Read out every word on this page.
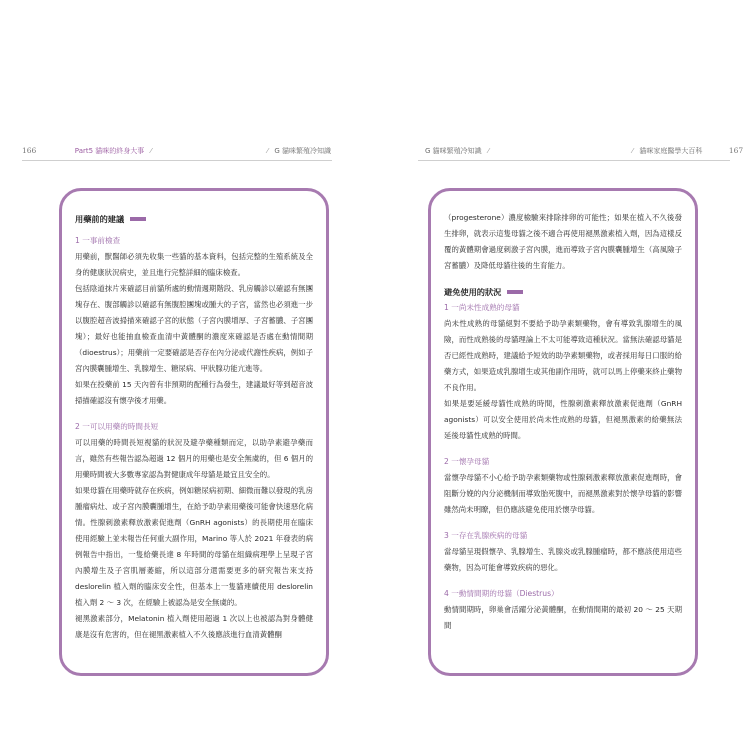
166	Part5 貓咪的終身大事 ⁄	⁄ G 貓咪繁殖冷知識	G 貓咪繁殖冷知識 ⁄	⁄ 貓咪家庭醫學大百科	167
用藥前的建議

1 一事前檢查

用藥前，獸醫師必須先收集一些貓的基本資料，包括完整的生殖系統及全身的健康狀況病史，並且進行完整詳細的臨床檢查。

包括陰道抹片來確認目前貓所處的動情週期階段、乳房觸診以確認有無團塊存在、腹部觸診以確認有無腹腔團塊或腫大的子宮，當然也必須進一步以腹腔超音波掃描來確認子宮的狀態（子宮內膜增厚、子宮蓄膿、子宮團塊）；最好也能抽血檢查血清中黃體酮的濃度來確認是否處在動情間期（dioestrus）；用藥前一定要確認是否存在內分泌或代謝性疾病，例如子宮內膜囊腫增生、乳腺增生、糖尿病、甲狀腺功能亢進等。

如果在投藥前 15 天內曾有非預期的配種行為發生，建議最好等到超音波掃描確認沒有懷孕後才用藥。

2 一可以用藥的時間長短

可以用藥的時間長短視貓的狀況及避孕藥種類而定，以助孕素避孕藥而言，雖然有些報告認為超過 12 個月的用藥也是安全無虞的，但 6 個月的用藥時間被大多數專家認為對健康成年母貓是最宜且安全的。

如果母貓在用藥時就存在疾病，例如糖尿病初期、細微而難以發現的乳房腫瘤病灶、或子宮內膜囊腫增生，在給予助孕素用藥後可能會快速惡化病情。性腺刺激素釋放激素促進劑（GnRH agonists）的長期使用在臨床使用經驗上並未報告任何重大副作用，Marino 等人於 2021 年發表的病例報告中指出，一隻給藥長達 8 年時間的母貓在組織病理學上呈現子宮內膜增生及子宮肌層萎縮，所以這部分還需要更多的研究報告來支持 deslorelin 植入劑的臨床安全性，但基本上一隻貓連續使用 deslorelin 植入劑 2 ～ 3 次，在經驗上被認為是安全無虞的。

褪黑激素部分，Melatonin 植入劑使用超過 1 次以上也被認為對身體健康是沒有危害的，但在褪黑激素植入不久後應該進行血清黃體酮

（progesterone）濃度檢驗來排除排卵的可能性；如果在植入不久後發生排卵，就表示這隻母貓之後不適合再使用褪黑激素植入劑，因為這樣反覆的黃體期會過度刺激子宮內膜，進而導致子宮內膜囊腫增生（高風險子宮蓄膿）及降低母貓往後的生育能力。

避免使用的狀況

1 一尚未性成熟的母貓

尚未性成熟的母貓絕對不要給予助孕素類藥物，會有導致乳腺增生的風險，而性成熟後的母貓理論上不太可能導致這種狀況。當無法確認母貓是否已經性成熟時，建議給予短效的助孕素類藥物，或者採用每日口服的給藥方式，如果造成乳腺增生或其他副作用時，就可以馬上停藥來終止藥物不良作用。

如果是要延緩母貓性成熟的時間，性腺刺激素釋放激素促進劑（GnRH agonists）可以安全使用於尚未性成熟的母貓，但褪黑激素的給藥無法延後母貓性成熟的時間。

2 一懷孕母貓

當懷孕母貓不小心給予助孕素類藥物或性腺刺激素釋放激素促進劑時，會阻斷分娩的內分泌機制而導致胎死腹中，而褪黑激素對於懷孕母貓的影響雖然尚未明瞭，但仍應該避免使用於懷孕母貓。

3 一存在乳腺疾病的母貓

當母貓呈現假懷孕、乳腺增生、乳腺炎或乳腺腫瘤時，都不應該使用這些藥物，因為可能會導致疾病的惡化。

4 一動情間期的母貓（Diestrus）

動情間期時，卵巢會活躍分泌黃體酮，在動情間期的最初 20 ～ 25 天期間
